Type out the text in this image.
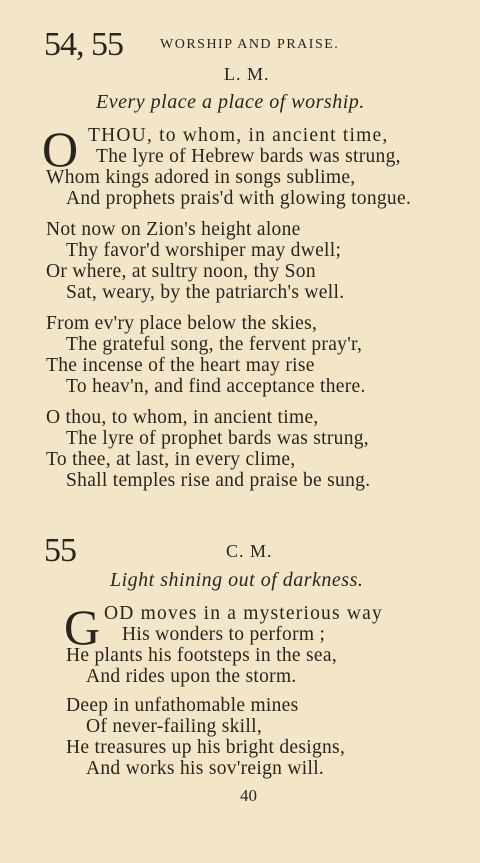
54, 55	WORSHIP AND PRAISE.
L. M.
Every place a place of worship.
O THOU, to whom, in ancient time,
The lyre of Hebrew bards was strung,
Whom kings adored in songs sublime,
And prophets prais'd with glowing tongue.
Not now on Zion's height alone
Thy favor'd worshiper may dwell;
Or where, at sultry noon, thy Son
Sat, weary, by the patriarch's well.
From ev'ry place below the skies,
The grateful song, the fervent pray'r,
The incense of the heart may rise
To heav'n, and find acceptance there.
O thou, to whom, in ancient time,
The lyre of prophet bards was strung,
To thee, at last, in every clime,
Shall temples rise and praise be sung.
55	C. M.
Light shining out of darkness.
G OD moves in a mysterious way
His wonders to perform ;
He plants his footsteps in the sea,
And rides upon the storm.
Deep in unfathomable mines
Of never-failing skill,
He treasures up his bright designs,
And works his sov'reign will.
40
